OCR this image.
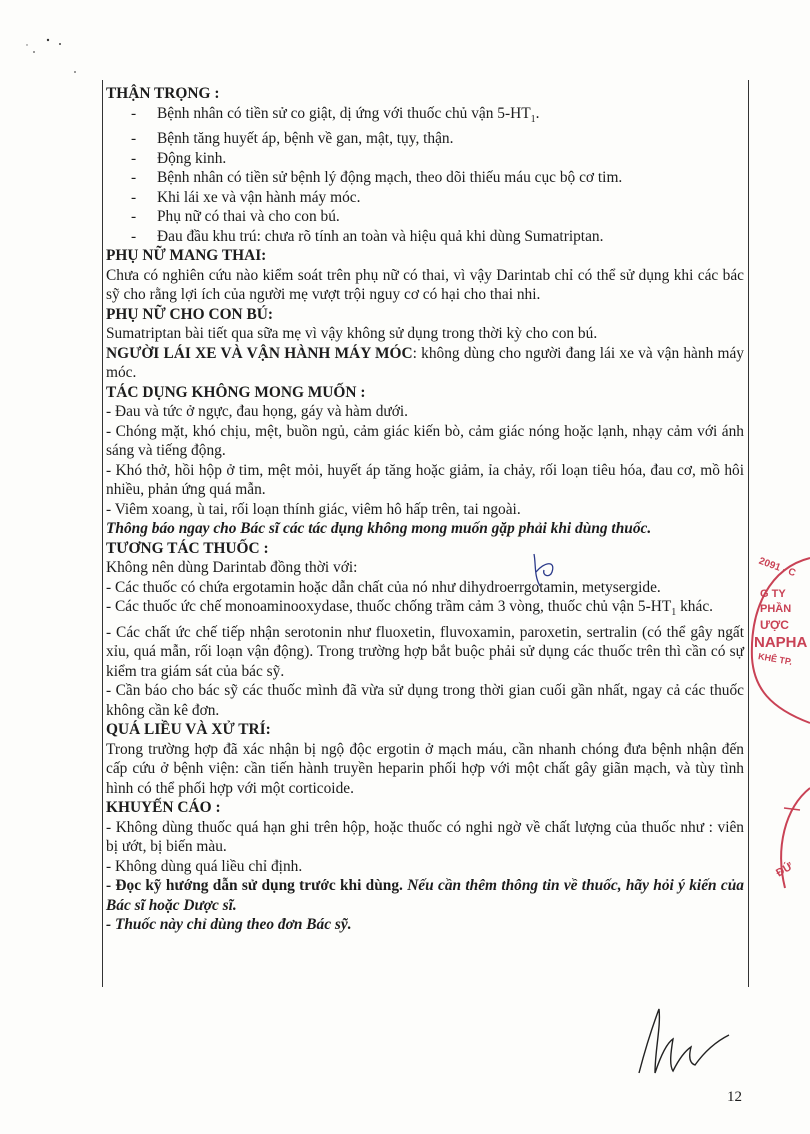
THẬN TRỌNG :

-	Bệnh nhân có tiền sử co giật, dị ứng với thuốc chủ vận $5-HT_1$.
-	Bệnh tăng huyết áp, bệnh về gan, mật, tụy, thận.
-	Động kinh.
-	Bệnh nhân có tiền sử bệnh lý động mạch, theo dõi thiếu máu cục bộ cơ tim.
-	Khi lái xe và vận hành máy móc.
-	Phụ nữ có thai và cho con bú.
-	Đau đầu khu trú: chưa rõ tính an toàn và hiệu quả khi dùng Sumatriptan.

PHỤ NỮ MANG THAI:

Chưa có nghiên cứu nào kiểm soát trên phụ nữ có thai, vì vậy Darintab chỉ có thể sử dụng khi các bác sỹ cho rằng lợi ích của người mẹ vượt trội nguy cơ có hại cho thai nhi.

PHỤ NỮ CHO CON BÚ:

Sumatriptan bài tiết qua sữa mẹ vì vậy không sử dụng trong thời kỳ cho con bú.

NGƯỜI LÁI XE VÀ VẬN HÀNH MÁY MÓC: không dùng cho người đang lái xe và vận hành máy móc.

TÁC DỤNG KHÔNG MONG MUỐN :

- Đau và tức ở ngực, đau họng, gáy và hàm dưới.

- Chóng mặt, khó chịu, mệt, buồn ngủ, cảm giác kiến bò, cảm giác nóng hoặc lạnh, nhạy cảm với ánh sáng và tiếng động.

- Khó thở, hồi hộp ở tim, mệt mỏi, huyết áp tăng hoặc giảm, ỉa chảy, rối loạn tiêu hóa, đau cơ, mồ hôi nhiều, phản ứng quá mẫn.

- Viêm xoang, ù tai, rối loạn thính giác, viêm hô hấp trên, tai ngoài.

Thông báo ngay cho Bác sĩ các tác dụng không mong muốn gặp phải khi dùng thuốc.

TƯƠNG TÁC THUỐC :

Không nên dùng Darintab đồng thời với:

- Các thuốc có chứa ergotamin hoặc dẫn chất của nó như dihydroerrgotamin, metysergide.

- Các thuốc ức chế monoaminooxydase, thuốc chống trầm cảm 3 vòng, thuốc chủ vận $5-HT_1$ khác.

- Các chất ức chế tiếp nhận serotonin như fluoxetin, fluvoxamin, paroxetin, sertralin (có thể gây ngất xỉu, quá mẫn, rối loạn vận động). Trong trường hợp bắt buộc phải sử dụng các thuốc trên thì cần có sự kiểm tra giám sát của bác sỹ.

- Cần báo cho bác sỹ các thuốc mình đã vừa sử dụng trong thời gian cuối gần nhất, ngay cả các thuốc không cần kê đơn.

QUÁ LIỀU VÀ XỬ TRÍ:

Trong trường hợp đã xác nhận bị ngộ độc ergotin ở mạch máu, cần nhanh chóng đưa bệnh nhận đến cấp cứu ở bệnh viện: cần tiến hành truyền heparin phối hợp với một chất gây giãn mạch, và tùy tình hình có thể phối hợp với một corticoide.

KHUYẾN CÁO :

- Không dùng thuốc quá hạn ghi trên hộp, hoặc thuốc có nghi ngờ về chất lượng của thuốc như : viên bị ướt, bị biến màu.

- Không dùng quá liều chỉ định.

- Đọc kỹ hướng dẫn sử dụng trước khi dùng. Nếu cần thêm thông tin về thuốc, hãy hỏi ý kiến của Bác sĩ hoặc Dược sĩ.

- Thuốc này chỉ dùng theo đơn Bác sỹ.

2091 - C
G TY
PHẦN
ƯỢC
NAPHA
KHÊ TP.
ĐỨ
12
